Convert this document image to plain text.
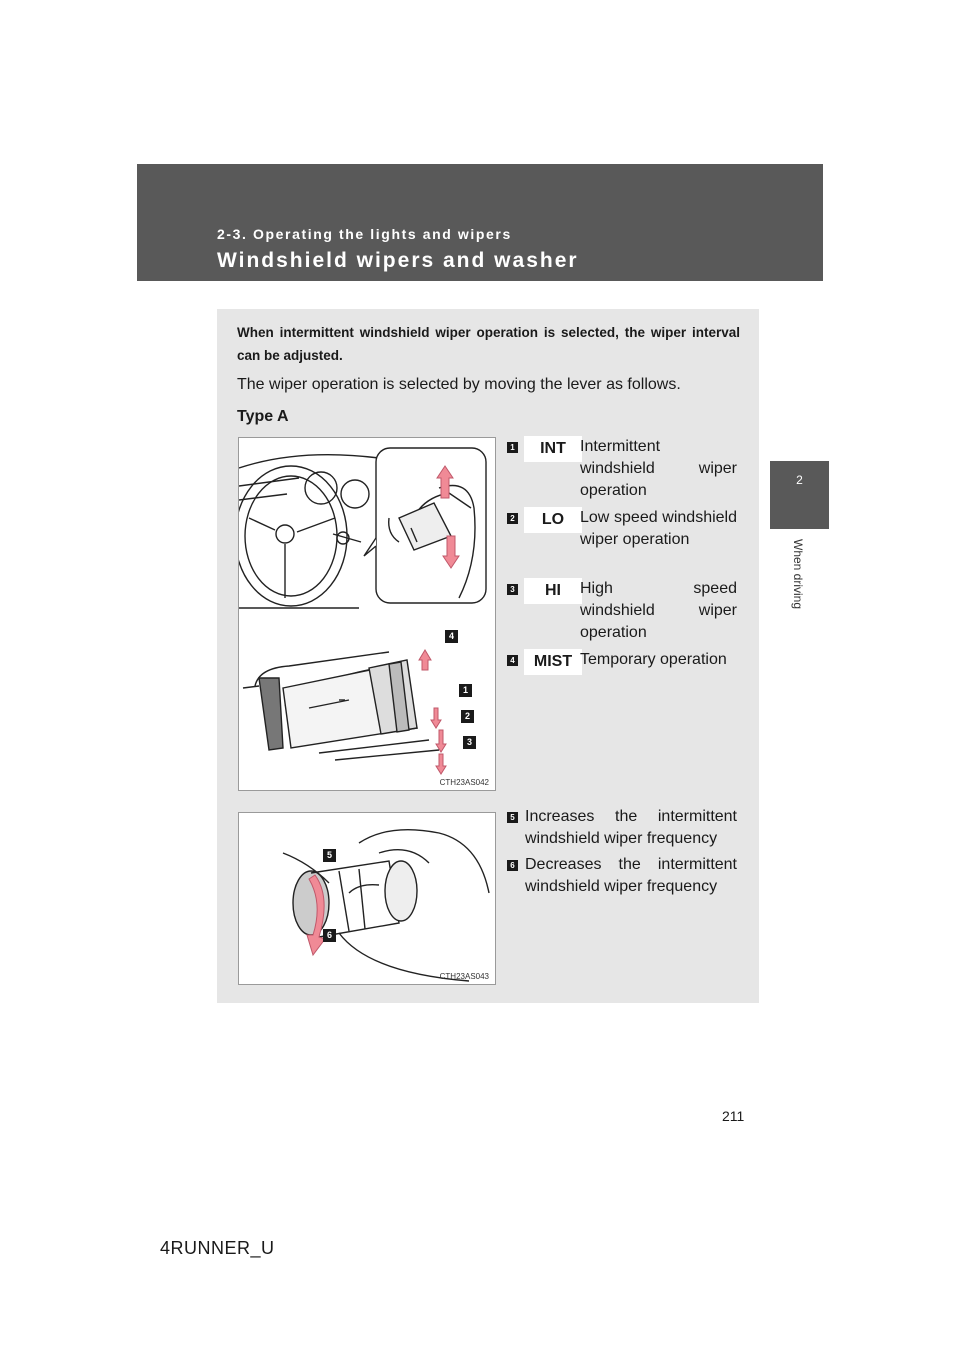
2-3. Operating the lights and wipers
Windshield wipers and washer
2
When driving
When intermittent windshield wiper operation is selected, the wiper interval can be adjusted.
The wiper operation is selected by moving the lever as follows.
Type A
4
1
2
3
CTH23AS042
5
6
CTH23AS043
1	INT Intermittent windshield wiper operation
2	LO Low speed windshield wiper operation
3	HI	High speed windshield wiper operation
4	MIST Temporary operation
5 Increases the intermittent windshield wiper frequency
6 Decreases the intermittent windshield wiper frequency
211
4RUNNER_U
